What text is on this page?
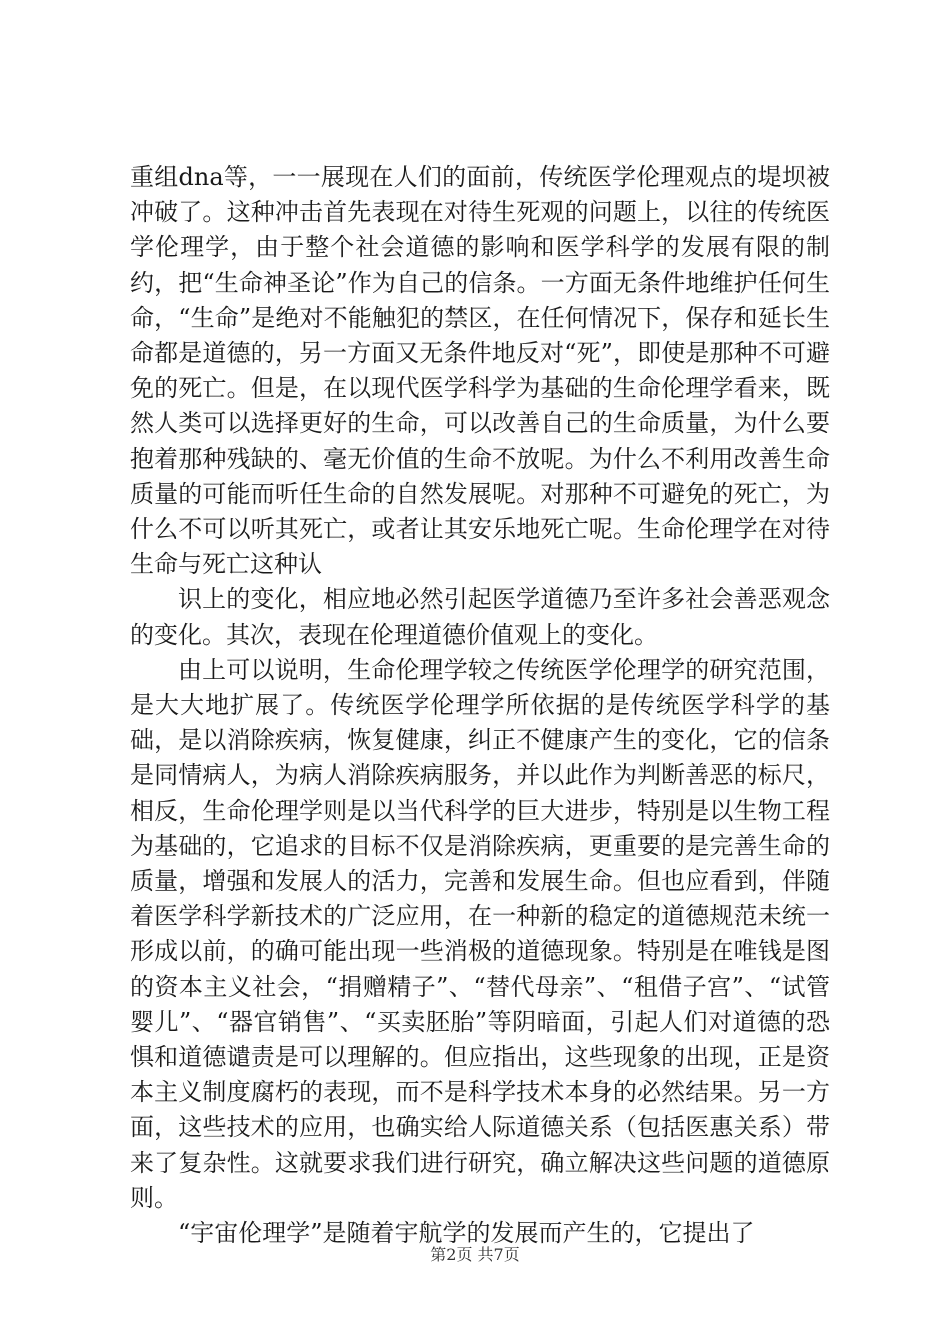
重组dna等，一一展现在人们的面前，传统医学伦理观点的堤坝被冲破了。这种冲击首先表现在对待生死观的问题上，以往的传统医学伦理学，由于整个社会道德的影响和医学科学的发展有限的制约，把“生命神圣论”作为自己的信条。一方面无条件地维护任何生命，“生命”是绝对不能触犯的禁区，在任何情况下，保存和延长生命都是道德的，另一方面又无条件地反对“死”，即使是那种不可避免的死亡。但是，在以现代医学科学为基础的生命伦理学看来，既然人类可以选择更好的生命，可以改善自己的生命质量，为什么要抱着那种残缺的、毫无价值的生命不放呢。为什么不利用改善生命质量的可能而听任生命的自然发展呢。对那种不可避免的死亡，为什么不可以听其死亡，或者让其安乐地死亡呢。生命伦理学在对待生命与死亡这种认

识上的变化，相应地必然引起医学道德乃至许多社会善恶观念的变化。其次，表现在伦理道德价值观上的变化。

由上可以说明，生命伦理学较之传统医学伦理学的研究范围，是大大地扩展了。传统医学伦理学所依据的是传统医学科学的基础，是以消除疾病，恢复健康，纠正不健康产生的变化，它的信条是同情病人，为病人消除疾病服务，并以此作为判断善恶的标尺，相反，生命伦理学则是以当代科学的巨大进步，特别是以生物工程为基础的，它追求的目标不仅是消除疾病，更重要的是完善生命的质量，增强和发展人的活力，完善和发展生命。但也应看到，伴随着医学科学新技术的广泛应用，在一种新的稳定的道德规范未统一形成以前，的确可能出现一些消极的道德现象。特别是在唯钱是图的资本主义社会，“捐赠精子”、“替代母亲”、“租借子宫”、“试管婴儿”、“器官销售”、“买卖胚胎”等阴暗面，引起人们对道德的恐惧和道德谴责是可以理解的。但应指出，这些现象的出现，正是资本主义制度腐朽的表现，而不是科学技术本身的必然结果。另一方面，这些技术的应用，也确实给人际道德关系（包括医惠关系）带来了复杂性。这就要求我们进行研究，确立解决这些问题的道德原则。

“宇宙伦理学”是随着宇航学的发展而产生的，它提出了

第2页 共7页
